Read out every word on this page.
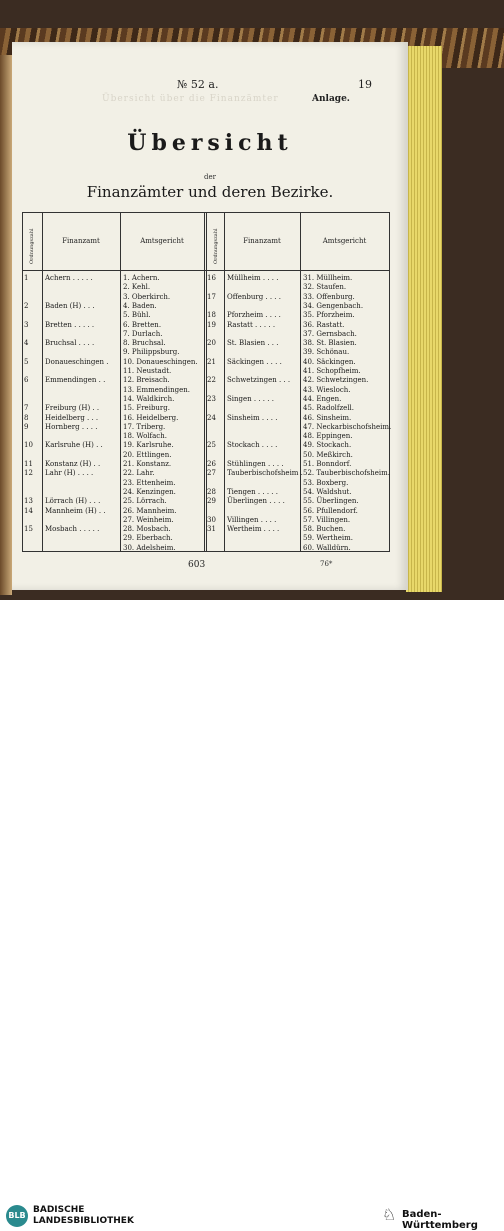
№ 52 a.	19
Übersicht über die Finanzämter	Anlage.
Übersicht
der
Finanzämter und deren Bezirke.
Ordnungszahl	Finanzamt	Amtsgericht	Ordnungszahl	Finanzamt	Amtsgericht
1 Achern . . . . .	1. Achern.
2. Kehl.
3. Oberkirch.
2 Baden (H) . . .	4. Baden.
5. Bühl.
3 Bretten . . . . .	6. Bretten.
7. Durlach.
4 Bruchsal . . . .	8. Bruchsal.
9. Philippsburg.
5 Donaueschingen . 10. Donaueschingen.
11. Neustadt.
6 Emmendingen . .	12. Breisach.
13. Emmendingen.
14. Waldkirch.
7 Freiburg (H) . .	15. Freiburg.
8 Heidelberg . . .	16. Heidelberg.
9 Hornberg . . . .	17. Triberg.
18. Wolfach.
10 Karlsruhe (H) . .	19. Karlsruhe.
20. Ettlingen.
11 Konstanz (H) . .	21. Konstanz.
12 Lahr (H) . . . .	22. Lahr.
23. Ettenheim.
24. Kenzingen.
13 Lörrach (H) . . .	25. Lörrach.
14 Mannheim (H) . . 26. Mannheim.
27. Weinheim.
15 Mosbach . . . . .	28. Mosbach.
29. Eberbach.
30. Adelsheim.
16 Müllheim . . . .	31. Müllheim.
32. Staufen.
17 Offenburg . . . .	33. Offenburg.
34. Gengenbach.
18 Pforzheim . . . .	35. Pforzheim.
19 Rastatt . . . . .	36. Rastatt.
37. Gernsbach.
20 St. Blasien . . .	38. St. Blasien.
39. Schönau.
21 Säckingen . . . .	40. Säckingen.
41. Schopfheim.
22 Schwetzingen . . . 42. Schwetzingen.
43. Wiesloch.
23 Singen . . . . .	44. Engen.
45. Radolfzell.
24 Sinsheim . . . .	46. Sinsheim.
47. Neckarbischofsheim.
48. Eppingen.
25 Stockach . . . .	49. Stockach.
50. Meßkirch.
26 Stühlingen . . . .	51. Bonndorf.
27 Tauberbischofsheim . 52. Tauberbischofsheim.
53. Boxberg.
28 Tiengen . . . . .	54. Waldshut.
29 Überlingen . . . .	55. Überlingen.
56. Pfullendorf.
30 Villingen . . . .	57. Villingen.
31 Wertheim . . . .	58. Buchen.
59. Wertheim.
60. Walldürn.
603	76*
BLB
BADISCHE
LANDESBIBLIOTHEK	♘ Baden-Württemberg
